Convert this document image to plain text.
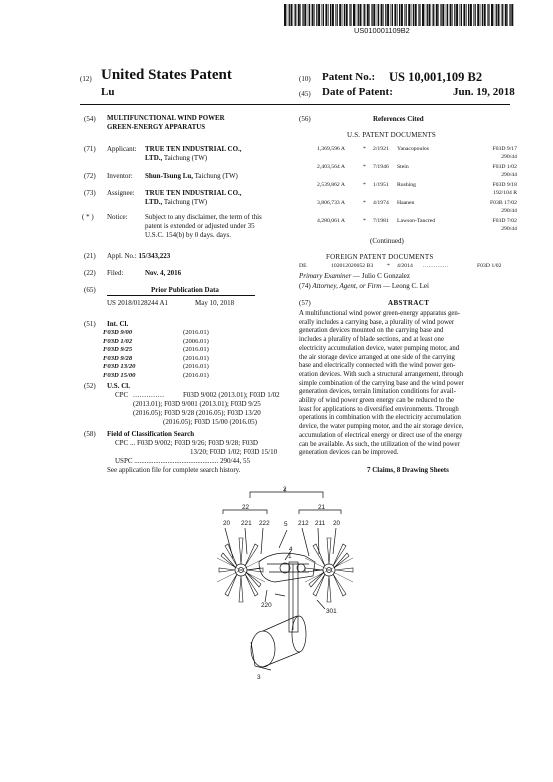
US010001109B2
(12) United States Patent
Lu
(10) Patent No.: US 10,001,109 B2
(45) Date of Patent:	Jun. 19, 2018
(54) MULTIFUNCTIONAL WIND POWER
GREEN-ENERGY APPARATUS
(71) Applicant: TRUE TEN INDUSTRIAL CO.,
LTD., Taichung (TW)
(72) Inventor: Shun-Tsung Lu, Taichung (TW)
(73) Assignee: TRUE TEN INDUSTRIAL CO.,
LTD., Taichung (TW)
( * ) Notice: Subject to any disclaimer, the term of this
patent is extended or adjusted under 35
U.S.C. 154(b) by 0 days. days.
(21) Appl. No.: 15/343,223
(22) Filed:	Nov. 4, 2016
(65)	Prior Publication Data
US 2018/0128244 A1	May 10, 2018
(51) Int. Cl.
F03D 9/00	(2016.01)
F03D 1/02	(2006.01)
F03D 9/25	(2016.01)
F03D 9/28	(2016.01)
F03D 13/20	(2016.01)
F03D 15/00	(2016.01)
(52) U.S. Cl.
CPC ..............	F03D 9/002 (2013.01); F03D 1/02
(2013.01); F03D 9/001 (2013.01); F03D 9/25
(2016.05); F03D 9/28 (2016.05); F03D 13/20
(2016.05); F03D 15/00 (2016.05)
(58) Field of Classification Search
CPC ... F03D 9/002; F03D 9/26; F03D 9/28; F03D
13/20; F03D 1/02; F03D 15/10
USPC ................................................ 290/44, 55
See application file for complete search history.
(56)	References Cited
U.S. PATENT DOCUMENTS
1,369,596 A	* 2/1921 Yanacopoulos	F03D 9/17
290/44
2,403,564 A	* 7/1946 Stein	F03D 1/02
290/44
2,539,862 A	* 1/1951 Rushing	F03D 9/18
192/104 R
3,806,733 A	* 4/1974 Haanen	F03B 17/02
290/44
4,280,061 A	* 7/1981 Lawson-Tancred	F03D 7/02
290/44
(Continued)
FOREIGN PATENT DOCUMENTS
DE	102012020052 B3 * 4/2014 ..............	F03D 1/02
Primary Examiner — Julio C Gonzalez
(74) Attorney, Agent, or Firm — Leong C. Lei
(57)	ABSTRACT
A multifunctional wind power green-energy apparatus gen-
erally includes a carrying base, a plurality of wind power
generation devices mounted on the carrying base and
includes a plurality of blade sections, and at least one
electricity accumulation device, water pumping motor, and
the air storage device arranged at one side of the carrying
base and electrically connected with the wind power gen-
eration devices. With such a structural arrangement, through
simple combination of the carrying base and the wind power
generation devices, terrain limitation conditions for avail-
ability of wind power green energy can be reduced to the
least for applications to diversified environments. Through
operations in combination with the electricity accumulation
device, the water pumping motor, and the air storage device,
accumulation of electrical energy or direct use of the energy
can be available. As such, the utilization of the wind power
generation devices can be improved.
7 Claims, 8 Drawing Sheets
2
22	21
20 221 222 5 212 211 20
4
1
220
301
3
